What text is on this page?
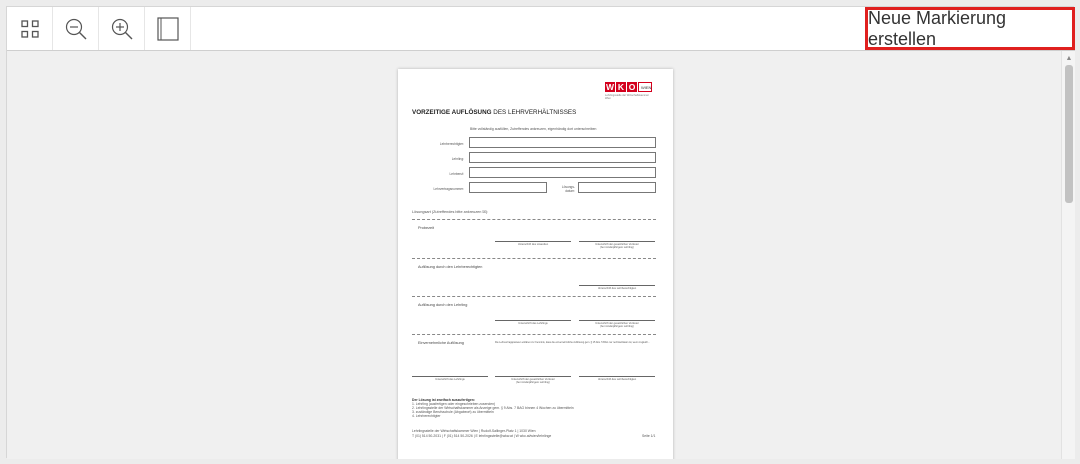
Neue Markierung erstellen
W K O	WIEN
Lehrlingsstelle der Wirtschaftskammer Wien
VORZEITIGE AUFLÖSUNG DES LEHRVERHÄLTNISSES
Bitte vollständig ausfüllen, Zutreffendes ankreuzen, eigenhändig dort unterschreiben
Lehrberechtigter:
Lehrling:
Lehrberuf:
Lehrvertragsnummer:	Lösungs-
datum:
Lösungsart (Zutreffendes bitte ankreuzen ☒):
Probezeit
Unterschrift des Lösenden	Unterschrift der gesetzlichen Vertreter
(bei minderjährigem Lehrling)
Auflösung durch den Lehrberechtigten
Unterschrift des Lehrberechtigten
Auflösung durch den Lehrling
Unterschrift des Lehrlings	Unterschrift der gesetzlichen Vertreter
(bei minderjährigem Lehrling)
Einvernehmliche Auflösung	Die Lehrvertragsparteien erklären zur Kenntnis, dass die einvernehmliche Auflösung gem. § 15 Abs. 5 BAG nur rechtswirksam ist, wenn zugleich...
Unterschrift des Lehrlings	Unterschrift der gesetzlichen Vertreter
(bei minderjährigem Lehrling)
Unterschrift des Lehrberechtigten
Der Lösung ist zweifach auszufertigen:
1. Lehrling (ausfertigen oder eingeschrieben zusenden)
2. Lehrlingsstelle der Wirtschaftskammer als Anzeige gem. § 9 Abs. 7 BAG binnen 4 Wochen zu übermitteln
3. zuständige Berufsschule (Abgabeort) zu übermitteln
4. Lehrberechtigter
Lehrlingsstelle der Wirtschaftskammer Wien | Rudolf-Sallinger-Platz 1 | 1030 Wien
T (01) 514 50-2031 | F (01) 514 50-2026 | E lehrlingsstelle@wkw.at | W wko.at/wien/lehrlinge	Seite 1/1
▲
